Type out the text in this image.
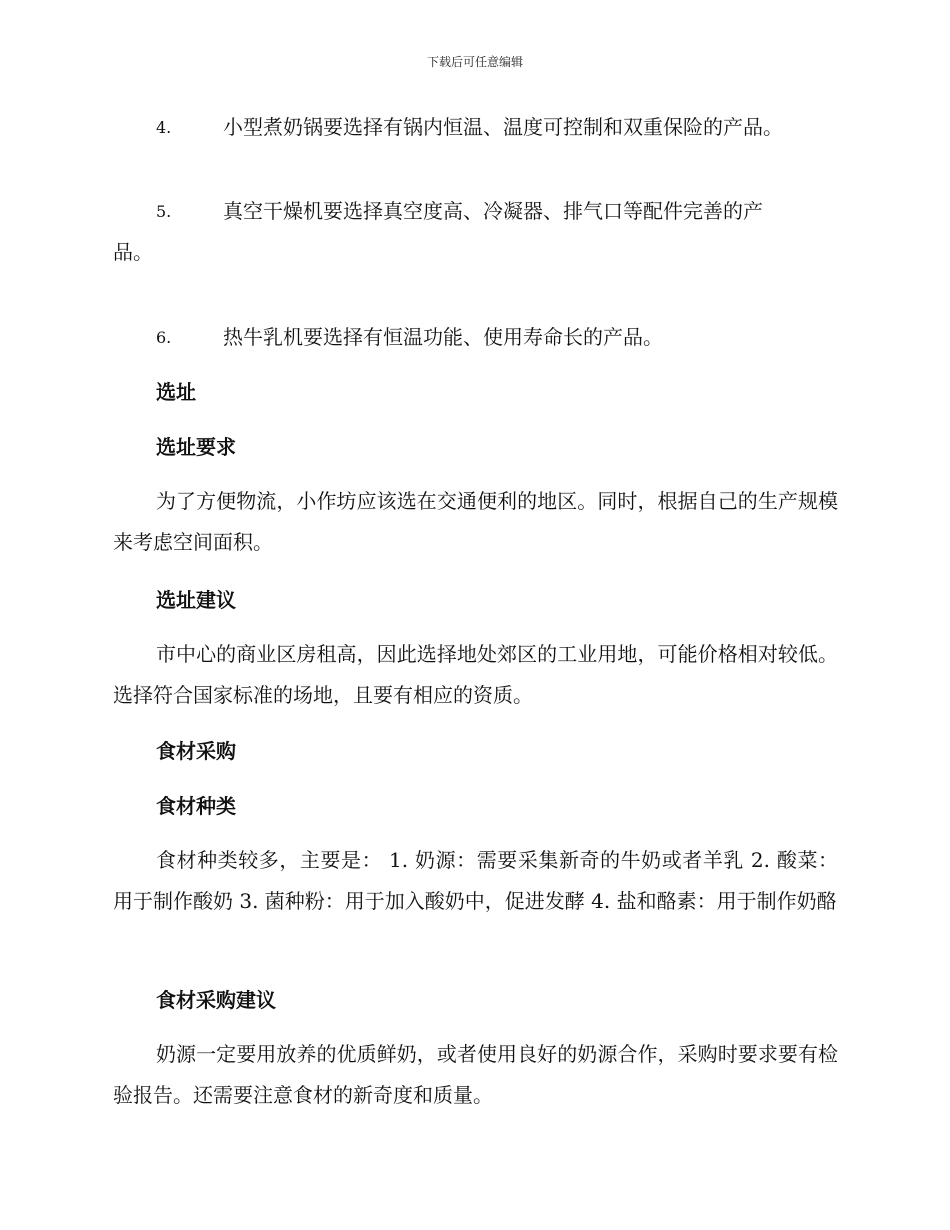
下载后可任意编辑
4.	小型煮奶锅要选择有锅内恒温、温度可控制和双重保险的产品。
5.	真空干燥机要选择真空度高、冷凝器、排气口等配件完善的产
品。
6.	热牛乳机要选择有恒温功能、使用寿命长的产品。
选址
选址要求
为了方便物流，小作坊应该选在交通便利的地区。同时，根据自己的生产规模来考虑空间面积。
选址建议
市中心的商业区房租高，因此选择地处郊区的工业用地，可能价格相对较低。选择符合国家标准的场地，且要有相应的资质。
食材采购
食材种类
食材种类较多，主要是： 1. 奶源：需要采集新奇的牛奶或者羊乳 2. 酸菜：用于制作酸奶 3. 菌种粉：用于加入酸奶中，促进发酵 4. 盐和酪素：用于制作奶酪
食材采购建议
奶源一定要用放养的优质鲜奶，或者使用良好的奶源合作，采购时要求要有检验报告。还需要注意食材的新奇度和质量。
